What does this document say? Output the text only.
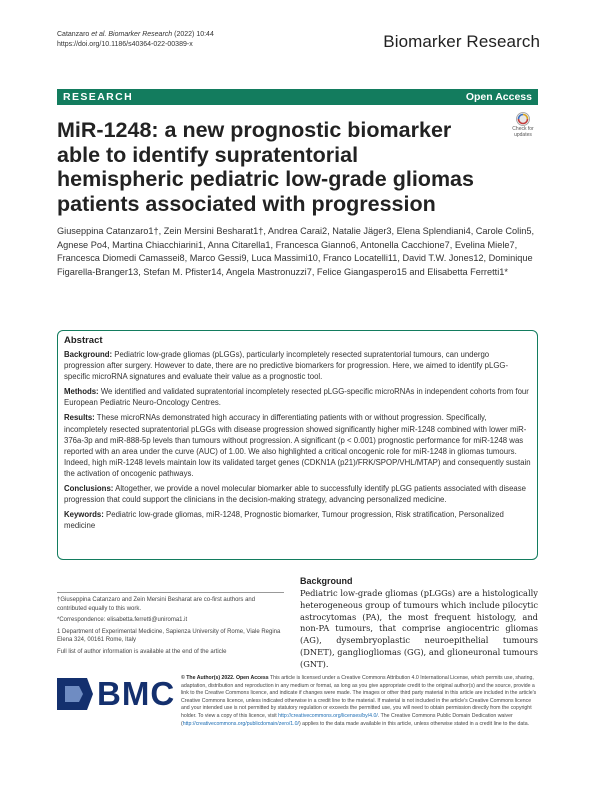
Catanzaro et al. Biomarker Research (2022) 10:44
https://doi.org/10.1186/s40364-022-00389-x	Biomarker Research
RESEARCH	Open Access
Check for
updates
MiR-1248: a new prognostic biomarker able to identify supratentorial hemispheric pediatric low-grade gliomas patients associated with progression
Giuseppina Catanzaro1†, Zein Mersini Besharat1†, Andrea Carai2, Natalie Jäger3, Elena Splendiani4, Carole Colin5, Agnese Po4, Martina Chiacchiarini1, Anna Citarella1, Francesca Gianno6, Antonella Cacchione7, Evelina Miele7, Francesca Diomedi Camassei8, Marco Gessi9, Luca Massimi10, Franco Locatelli11, David T.W. Jones12, Dominique Figarella-Branger13, Stefan M. Pfister14, Angela Mastronuzzi7, Felice Giangaspero15 and Elisabetta Ferretti1*
Abstract

Background: Pediatric low-grade gliomas (pLGGs), particularly incompletely resected supratentorial tumours, can undergo progression after surgery. However to date, there are no predictive biomarkers for progression. Here, we aimed to identify pLGG-specific microRNA signatures and evaluate their value as a prognostic tool.

Methods: We identified and validated supratentorial incompletely resected pLGG-specific microRNAs in independent cohorts from four European Pediatric Neuro-Oncology Centres.

Results: These microRNAs demonstrated high accuracy in differentiating patients with or without progression. Specifically, incompletely resected supratentorial pLGGs with disease progression showed significantly higher miR-1248 combined with lower miR-376a-3p and miR-888-5p levels than tumours without progression. A significant (p < 0.001) prognostic performance for miR-1248 was reported with an area under the curve (AUC) of 1.00. We also highlighted a critical oncogenic role for miR-1248 in gliomas tumours. Indeed, high miR-1248 levels maintain low its validated target genes (CDKN1A (p21)/FRK/SPOP/VHL/MTAP) and consequently sustain the activation of oncogenic pathways.

Conclusions: Altogether, we provide a novel molecular biomarker able to successfully identify pLGG patients associated with disease progression that could support the clinicians in the decision-making strategy, advancing personalized medicine.

Keywords: Pediatric low-grade gliomas, miR-1248, Prognostic biomarker, Tumour progression, Risk stratification, Personalized medicine

†Giuseppina Catanzaro and Zein Mersini Besharat are co-first authors and contributed equally to this work.

*Correspondence: elisabetta.ferretti@uniroma1.it

1 Department of Experimental Medicine, Sapienza University of Rome, Viale Regina Elena 324, 00161 Rome, Italy

Full list of author information is available at the end of the article

Background

Pediatric low-grade gliomas (pLGGs) are a histologically heterogeneous group of tumours which include pilocytic astrocytomas (PA), the most frequent histology, and non-PA tumours, that comprise angiocentric gliomas (AG), dysembryoplastic neuroepithelial tumours (DNET), gangliogliomas (GG), and glioneuronal tumours (GNT).

BMC © The Author(s) 2022. Open Access This article is licensed under a Creative Commons Attribution 4.0 International License, which permits use, sharing, adaptation, distribution and reproduction in any medium or format, as long as you give appropriate credit to the original author(s) and the source, provide a link to the Creative Commons licence, and indicate if changes were made. The images or other third party material in this article are included in the article's Creative Commons licence, unless indicated otherwise in a credit line to the material. If material is not included in the article's Creative Commons licence and your intended use is not permitted by statutory regulation or exceeds the permitted use, you will need to obtain permission directly from the copyright holder. To view a copy of this licence, visit http://creativecommons.org/licenses/by/4.0/. The Creative Commons Public Domain Dedication waiver (http://creativecommons.org/publicdomain/zero/1.0/) applies to the data made available in this article, unless otherwise stated in a credit line to the data.
